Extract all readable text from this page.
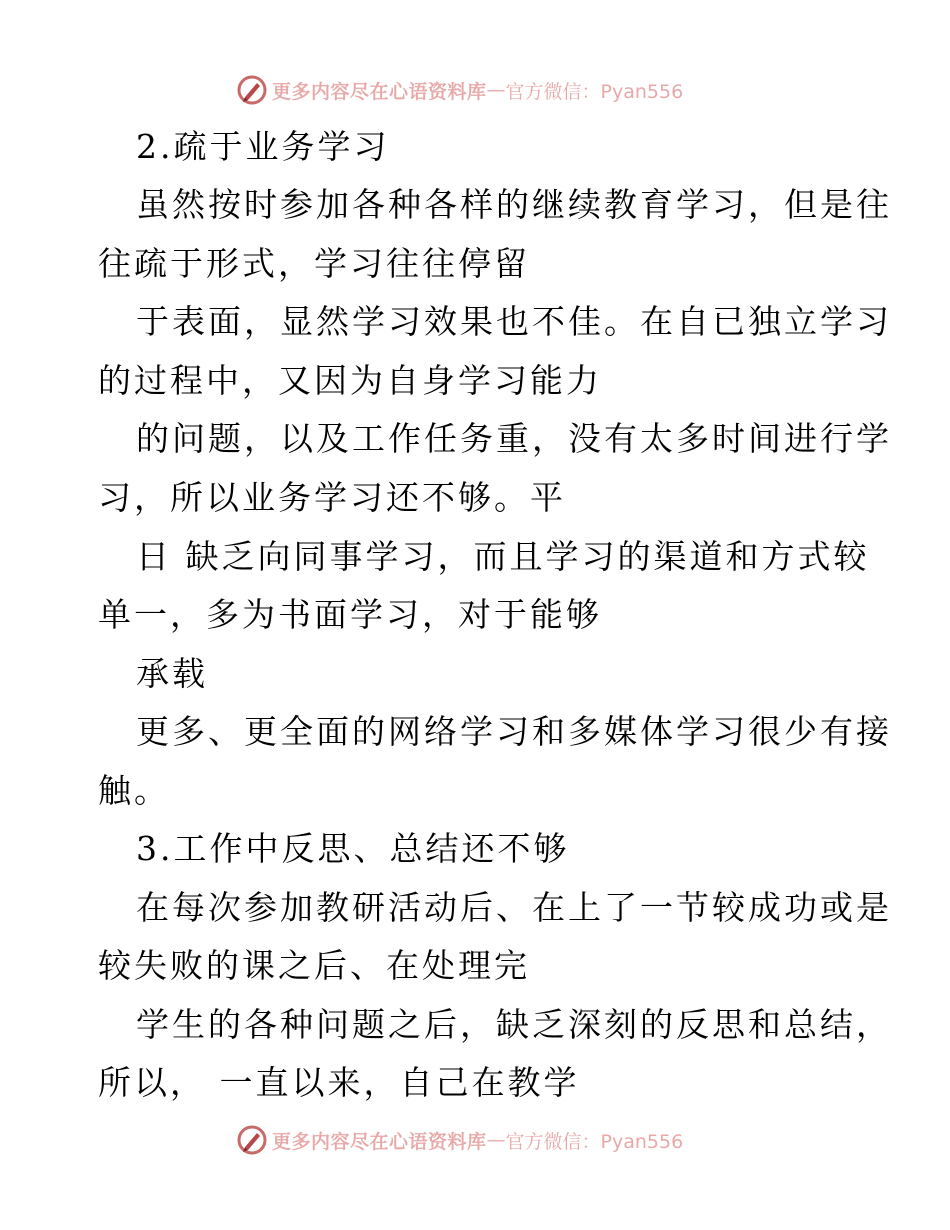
更多内容尽在心语资料库 — 官方微信：Pyan556

2.疏于业务学习

虽然按时参加各种各样的继续教育学习，但是往

往疏于形式，学习往往停留

于表面，显然学习效果也不佳。在自已独立学习

的过程中，又因为自身学习能力

的问题，以及工作任务重，没有太多时间进行学

习，所以业务学习还不够。平

日 缺乏向同事学习，而且学习的渠道和方式较

单一，多为书面学习，对于能够

承载

更多、更全面的网络学习和多媒体学习很少有接

触。

3.工作中反思、总结还不够

在每次参加教研活动后、在上了一节较成功或是

较失败的课之后、在处理完

学生的各种问题之后，缺乏深刻的反思和总结，

所以， 一直以来，自己在教学

更多内容尽在心语资料库 — 官方微信：Pyan556
